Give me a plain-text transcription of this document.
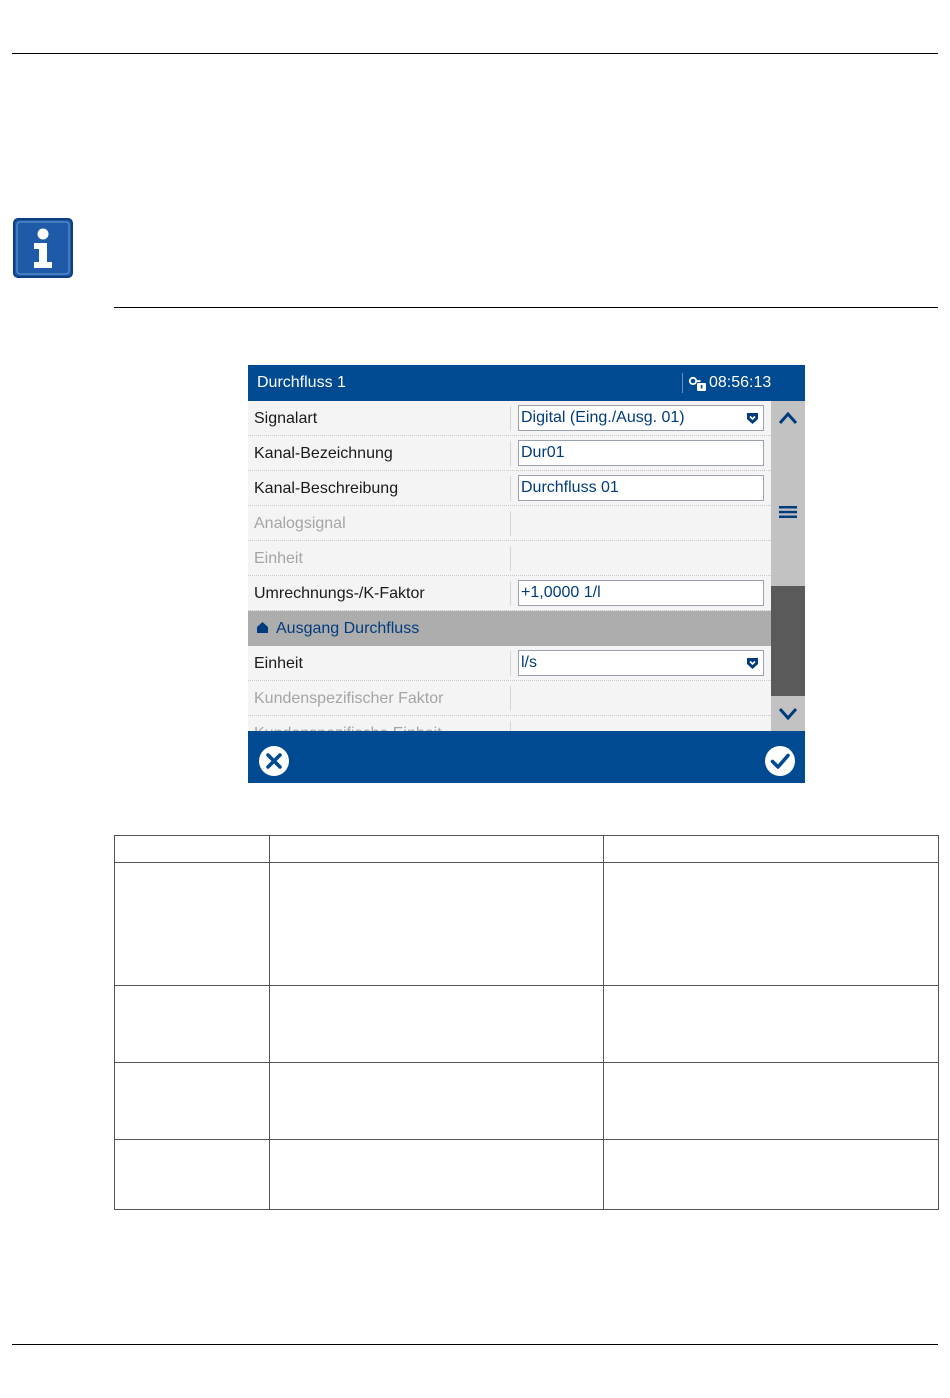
Durchfluss 1	08:56:13
Signalart	Digital (Eing./Ausg. 01)
Kanal-Bezeichnung	Dur01
Kanal-Beschreibung	Durchfluss 01
Analogsignal
Einheit
Umrechnungs-/K-Faktor	+1,0000 1/l
Ausgang Durchfluss
Einheit	l/s
Kundenspezifischer Faktor
